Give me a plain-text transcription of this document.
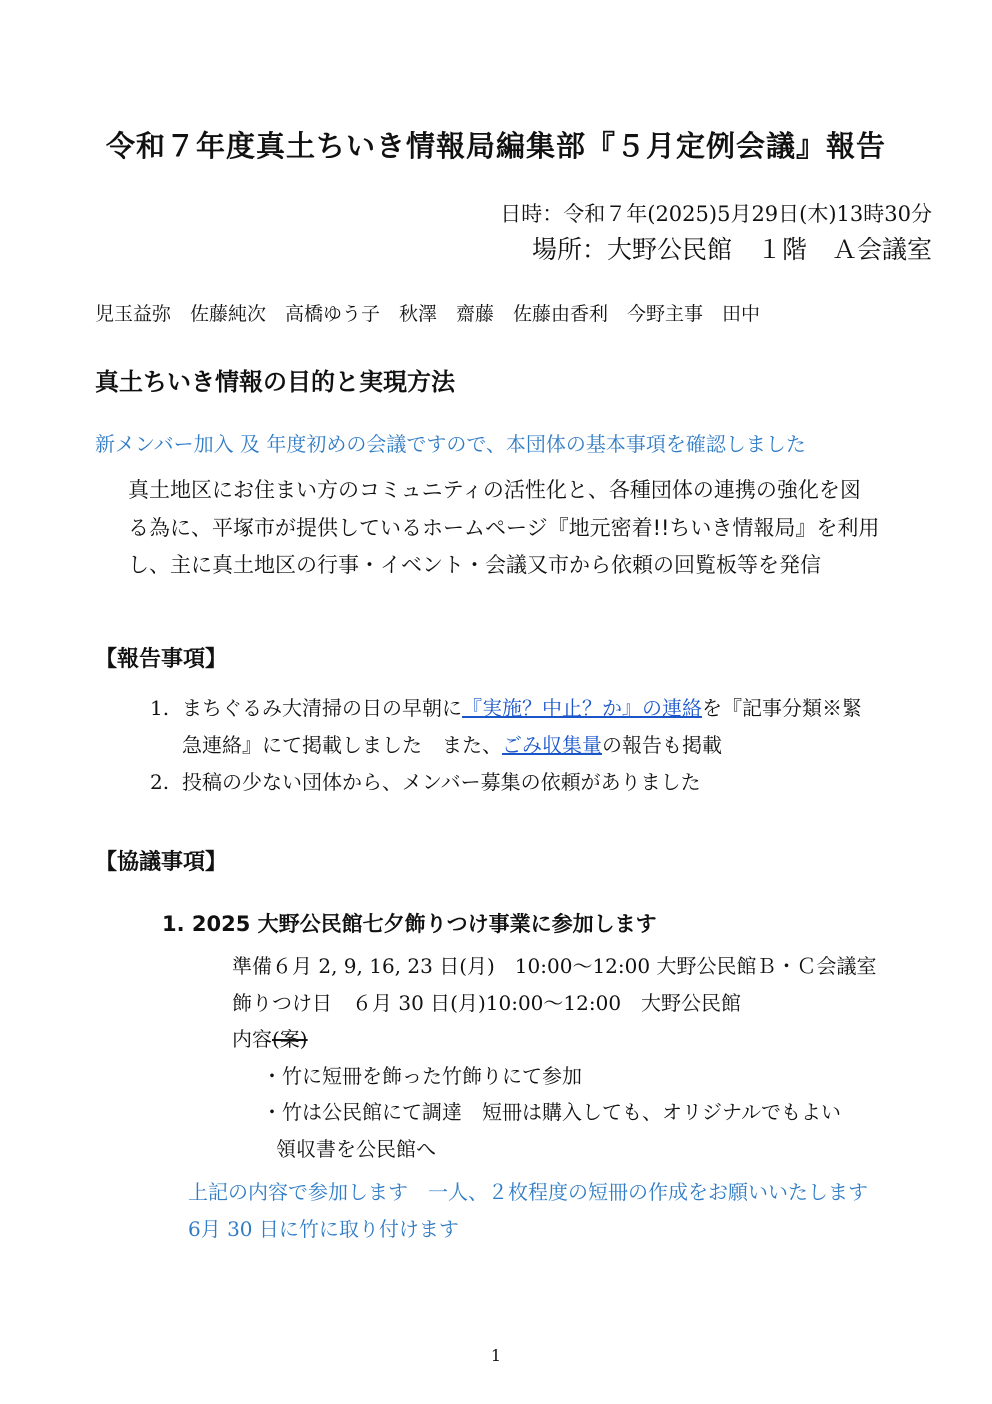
令和７年度真土ちいき情報局編集部『５月定例会議』報告
日時：令和７年(2025)5月29日(木)13時30分
場所：大野公民館　１階　Ａ会議室
児玉益弥　佐藤純次　高橋ゆう子　秋澤　齋藤　佐藤由香利　今野主事　田中
真土ちいき情報の目的と実現方法
新メンバー加入 及 年度初めの会議ですので、本団体の基本事項を確認しました
真土地区にお住まい方のコミュニティの活性化と、各種団体の連携の強化を図
る為に、平塚市が提供しているホームページ『地元密着!!ちいき情報局』を利用
し、主に真土地区の行事・イベント・会議又市から依頼の回覧板等を発信
【報告事項】
1. まちぐるみ大清掃の日の早朝に『実施？中止？か』の連絡を『記事分類※緊
急連絡』にて掲載しました　また、ごみ収集量の報告も掲載
2. 投稿の少ない団体から、メンバー募集の依頼がありました
【協議事項】
1. 2025 大野公民館七夕飾りつけ事業に参加します
準備６月 2, 9, 16, 23 日(月)　10:00～12:00 大野公民館Ｂ・Ｃ会議室
飾りつけ日　６月 30 日(月)10:00～12:00　大野公民館
内容(案)
・竹に短冊を飾った竹飾りにて参加
・竹は公民館にて調達　短冊は購入しても、オリジナルでもよい
領収書を公民館へ
上記の内容で参加します　一人、２枚程度の短冊の作成をお願いいたします
6月 30 日に竹に取り付けます
1
